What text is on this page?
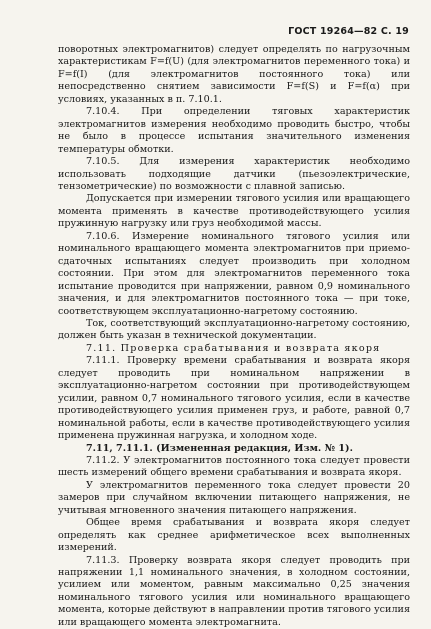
ГОСТ 19264—82 С. 19

поворотных электромагнитов) следует определять по нагрузочным характеристикам F=f(U) (для электромагнитов переменного тока) и F=f(I) (для электромагнитов постоянного тока) или непосредственно снятием зависимости F=f(S) и F=f(α) при условиях, указанных в п. 7.10.1.

7.10.4. При определении тяговых характеристик электромагнитов измерения необходимо проводить быстро, чтобы не было в процессе испытания значительного изменения температуры обмотки.

7.10.5. Для измерения характеристик необходимо использовать подходящие датчики (пьезоэлектрические, тензометрические) по возможности с плавной записью.

Допускается при измерении тягового усилия или вращающего момента применять в качестве противодействующего усилия пружинную нагрузку или груз необходимой массы.

7.10.6. Измерение номинального тягового усилия или номинального вращающего момента электромагнитов при приемо-сдаточных испытаниях следует производить при холодном состоянии. При этом для электромагнитов переменного тока испытание проводится при напряжении, равном 0,9 номинального значения, и для электромагнитов постоянного тока — при токе, соответствующем эксплуатационно-нагретому состоянию.

Ток, соответствующий эксплуатационно-нагретому состоянию, должен быть указан в технической документации.

7.11. Проверка срабатывания и возврата якоря

7.11.1. Проверку времени срабатывания и возврата якоря следует проводить при номинальном напряжении в эксплуатационно-нагретом состоянии при противодействующем усилии, равном 0,7 номинального тягового усилия, если в качестве противодействующего усилия применен груз, и работе, равной 0,7 номинальной работы, если в качестве противодействующего усилия применена пружинная нагрузка, и холодном ходе.

7.11, 7.11.1. (Измененная редакция, Изм. № 1).

7.11.2. У электромагнитов постоянного тока следует провести шесть измерений общего времени срабатывания и возврата якоря.

У электромагнитов переменного тока следует провести 20 замеров при случайном включении питающего напряжения, не учитывая мгновенного значения питающего напряжения.

Общее время срабатывания и возврата якоря следует определять как среднее арифметическое всех выполненных измерений.

7.11.3. Проверку возврата якоря следует проводить при напряжении 1,1 номинального значения, в холодном состоянии, усилием или моментом, равным максимально 0,25 значения номинального тягового усилия или номинального вращающего момента, которые действуют в направлении против тягового усилия или вращающего момента электромагнита.
